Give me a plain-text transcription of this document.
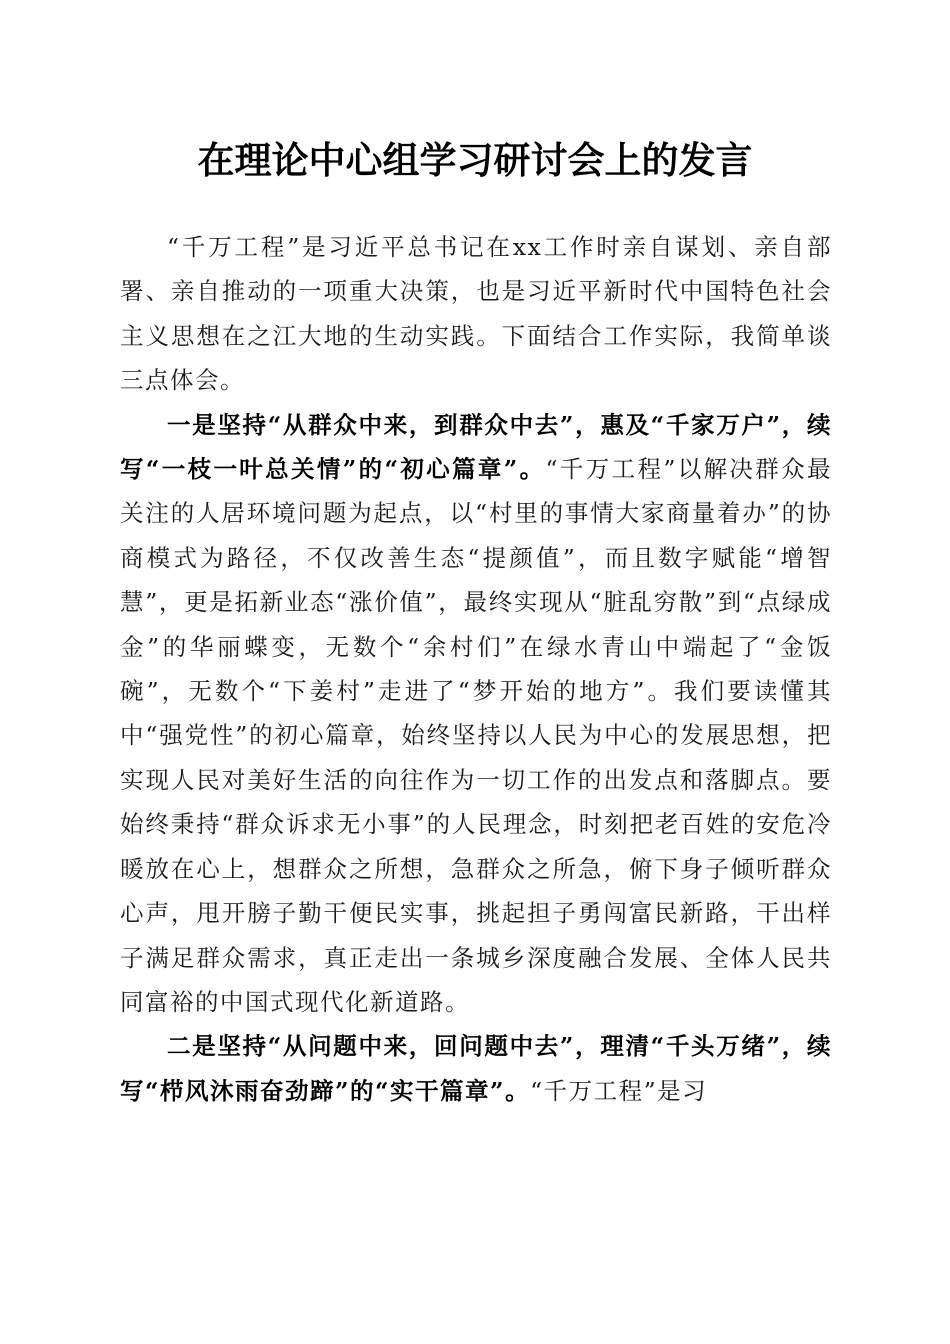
在理论中心组学习研讨会上的发言

“千万工程”是习近平总书记在xx工作时亲自谋划、亲自部署、亲自推动的一项重大决策，也是习近平新时代中国特色社会主义思想在之江大地的生动实践。下面结合工作实际，我简单谈三点体会。

一是坚持“从群众中来，到群众中去”，惠及“千家万户”，续写“一枝一叶总关情”的“初心篇章”。“千万工程”以解决群众最关注的人居环境问题为起点，以“村里的事情大家商量着办”的协商模式为路径，不仅改善生态“提颜值”，而且数字赋能“增智慧”，更是拓新业态“涨价值”，最终实现从“脏乱穷散”到“点绿成金”的华丽蝶变，无数个“余村们”在绿水青山中端起了“金饭碗”，无数个“下姜村”走进了“梦开始的地方”。我们要读懂其中“强党性”的初心篇章，始终坚持以人民为中心的发展思想，把实现人民对美好生活的向往作为一切工作的出发点和落脚点。要始终秉持“群众诉求无小事”的人民理念，时刻把老百姓的安危冷暖放在心上，想群众之所想，急群众之所急，俯下身子倾听群众心声，甩开膀子勤干便民实事，挑起担子勇闯富民新路，干出样子满足群众需求，真正走出一条城乡深度融合发展、全体人民共同富裕的中国式现代化新道路。

二是坚持“从问题中来，回问题中去”，理清“千头万绪”，续写“栉风沐雨奋劲蹄”的“实干篇章”。“千万工程”是习
